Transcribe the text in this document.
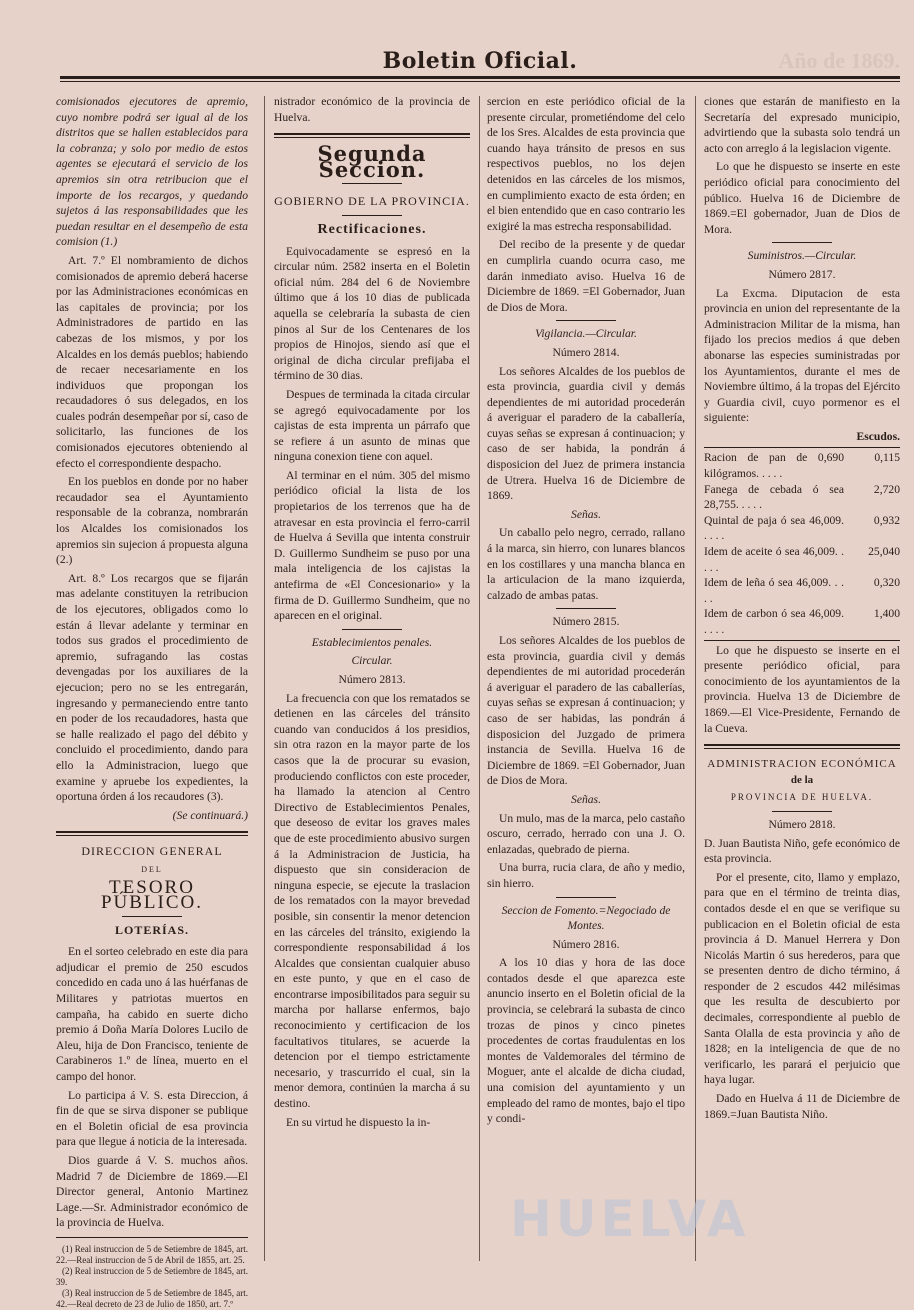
Año de 1869.
Boletin Oficial.

comisionados ejecutores de apremio, cuyo nombre podrá ser igual al de los distritos que se hallen establecidos para la cobranza; y solo por medio de estos agentes se ejecutará el servicio de los apremios sin otra retribucion que el importe de los recargos, y quedando sujetos á las responsabilidades que les puedan resultar en el desempeño de esta comision (1.)

Art. 7.º El nombramiento de dichos comisionados de apremio deberá hacerse por las Administraciones económicas en las capitales de provincia; por los Administradores de partido en las cabezas de los mismos, y por los Alcaldes en los demás pueblos; habiendo de recaer necesariamente en los individuos que propongan los recaudadores ó sus delegados, en los cuales podrán desempeñar por sí, caso de solicitarlo, las funciones de los comisionados ejecutores obteniendo al efecto el correspondiente despacho.

En los pueblos en donde por no haber recaudador sea el Ayuntamiento responsable de la cobranza, nombrarán los Alcaldes los comisionados los apremios sin sujecion á propuesta alguna (2.)

Art. 8.º Los recargos que se fijarán mas adelante constituyen la retribucion de los ejecutores, obligados como lo están á llevar adelante y terminar en todos sus grados el procedimiento de apremio, sufragando las costas devengadas por los auxiliares de la ejecucion; pero no se les entregarán, ingresando y permaneciendo entre tanto en poder de los recaudadores, hasta que se halle realizado el pago del débito y concluido el procedimiento, dando para ello la Administracion, luego que examine y apruebe los expedientes, la oportuna órden á los recaudores (3).

(Se continuará.)

DIRECCION GENERAL
DEL
TESORO PÚBLICO.
LOTERÍAS.

En el sorteo celebrado en este dia para adjudicar el premio de 250 escudos concedido en cada uno á las huérfanas de Militares y patriotas muertos en campaña, ha cabido en suerte dicho premio á Doña María Dolores Lucilo de Aleu, hija de Don Francisco, teniente de Carabineros 1.º de línea, muerto en el campo del honor.

Lo participa á V. S. esta Direccion, á fin de que se sirva disponer se publique en el Boletin oficial de esa provincia para que llegue á noticia de la interesada.

Dios guarde á V. S. muchos años. Madrid 7 de Diciembre de 1869.—El Director general, Antonio Martinez Lage.—Sr. Administrador económico de la provincia de Huelva.

(1) Real instruccion de 5 de Setiembre de 1845, art. 22.—Real instruccion de 5 de Abril de 1855, art. 25.

(2) Real instruccion de 5 de Setiembre de 1845, art. 39.

(3) Real instruccion de 5 de Setiembre de 1845, art. 42.—Real decreto de 23 de Julio de 1850, art. 7.º

nistrador económico de la provincia de Huelva.

Segunda Seccion.
GOBIERNO DE LA PROVINCIA.
Rectificaciones.

Equivocadamente se espresó en la circular núm. 2582 inserta en el Boletin oficial núm. 284 del 6 de Noviembre último que á los 10 dias de publicada aquella se celebraría la subasta de cien pinos al Sur de los Centenares de los propios de Hinojos, siendo así que el original de dicha circular prefijaba el término de 30 dias.

Despues de terminada la citada circular se agregó equivocadamente por los cajistas de esta imprenta un párrafo que se refiere á un asunto de minas que ninguna conexion tiene con aquel.

Al terminar en el núm. 305 del mismo periódico oficial la lista de los propietarios de los terrenos que ha de atravesar en esta provincia el ferro-carril de Huelva á Sevilla que intenta construir D. Guillermo Sundheim se puso por una mala inteligencia de los cajistas la antefirma de «El Concesionario» y la firma de D. Guillermo Sundheim, que no aparecen en el original.

Establecimientos penales.

Circular.

Número 2813.

La frecuencia con que los rematados se detienen en las cárceles del tránsito cuando van conducidos á los presidios, sin otra razon en la mayor parte de los casos que la de procurar su evasion, produciendo conflictos con este proceder, ha llamado la atencion al Centro Directivo de Establecimientos Penales, que deseoso de evitar los graves males que de este procedimiento abusivo surgen á la Administracion de Justicia, ha dispuesto que sin consideracion de ninguna especie, se ejecute la traslacion de los rematados con la mayor brevedad posible, sin consentir la menor detencion en las cárceles del tránsito, exigiendo la correspondiente responsabilidad á los Alcaldes que consientan cualquier abuso en este punto, y que en el caso de encontrarse imposibilitados para seguir su marcha por hallarse enfermos, bajo reconocimiento y certificacion de los facultativos titulares, se acuerde la detencion por el tiempo estrictamente necesario, y trascurrido el cual, sin la menor demora, continúen la marcha á su destino.

En su virtud he dispuesto la in-

sercion en este periódico oficial de la presente circular, prometiéndome del celo de los Sres. Alcaldes de esta provincia que cuando haya tránsito de presos en sus respectivos pueblos, no los dejen detenidos en las cárceles de los mismos, en cumplimiento exacto de esta órden; en el bien entendido que en caso contrario les exigiré la mas estrecha responsabilidad.

Del recibo de la presente y de quedar en cumplirla cuando ocurra caso, me darán inmediato aviso. Huelva 16 de Diciembre de 1869. =El Gobernador, Juan de Dios de Mora.

Vigilancia.—Circular.

Número 2814.

Los señores Alcaldes de los pueblos de esta provincia, guardia civil y demás dependientes de mi autoridad procederán á averiguar el paradero de la caballería, cuyas señas se expresan á continuacion; y caso de ser habida, la pondrán á disposicion del Juez de primera instancia de Utrera. Huelva 16 de Diciembre de 1869.

Señas.

Un caballo pelo negro, cerrado, rallano á la marca, sin hierro, con lunares blancos en los costillares y una mancha blanca en la articulacion de la mano izquierda, calzado de ambas patas.

Número 2815.

Los señores Alcaldes de los pueblos de esta provincia, guardia civil y demás dependientes de mi autoridad procederán á averiguar el paradero de las caballerías, cuyas señas se expresan á continuacion; y caso de ser habidas, las pondrán á disposicion del Juzgado de primera instancia de Sevilla. Huelva 16 de Diciembre de 1869. =El Gobernador, Juan de Dios de Mora.

Señas.

Un mulo, mas de la marca, pelo castaño oscuro, cerrado, herrado con una J. O. enlazadas, quebrado de pierna.

Una burra, rucia clara, de año y medio, sin hierro.

Seccion de Fomento.=Negociado de Montes.

Número 2816.

A los 10 dias y hora de las doce contados desde el que aparezca este anuncio inserto en el Boletin oficial de la provincia, se celebrará la subasta de cinco trozas de pinos y cinco pinetes procedentes de cortas fraudulentas en los montes de Valdemorales del término de Moguer, ante el alcalde de dicha ciudad, una comision del ayuntamiento y un empleado del ramo de montes, bajo el tipo y condi-

ciones que estarán de manifiesto en la Secretaría del expresado municipio, advirtiendo que la subasta solo tendrá un acto con arreglo á la legislacion vigente.

Lo que he dispuesto se inserte en este periódico oficial para conocimiento del público. Huelva 16 de Diciembre de 1869.=El gobernador, Juan de Dios de Mora.

Suministros.—Circular.

Número 2817.

La Excma. Diputacion de esta provincia en union del representante de la Administracion Militar de la misma, han fijado los precios medios á que deben abonarse las especies suministradas por los Ayuntamientos, durante el mes de Noviembre último, á la tropas del Ejército y Guardia civil, cuyo pormenor es el siguiente:

Escudos.

Racion de pan de 0,690 kilógramos. . . . .
0,115
Fanega de cebada ó sea 28,755. . . . .
2,720
Quintal de paja ó sea 46,009. . . . .
0,932
Idem de aceite ó sea 46,009. . . . .
25,040
Idem de leña ó sea 46,009. . . . .
0,320
Idem de carbon ó sea 46,009. . . . .
1,400

Lo que he dispuesto se inserte en el presente periódico oficial, para conocimiento de los ayuntamientos de la provincia. Huelva 13 de Diciembre de 1869.—El Vice-Presidente, Fernando de la Cueva.

ADMINISTRACION ECONÓMICA
de la
PROVINCIA DE HUELVA.

Número 2818.

D. Juan Bautista Niño, gefe económico de esta provincia.

Por el presente, cito, llamo y emplazo, para que en el término de treinta dias, contados desde el en que se verifique su publicacion en el Boletin oficial de esta provincia á D. Manuel Herrera y Don Nicolás Martin ó sus herederos, para que se presenten dentro de dicho término, á responder de 2 escudos 442 milésimas que les resulta de descubierto por decimales, correspondiente al pueblo de Santa Olalla de esta provincia y año de 1828; en la inteligencia de que de no verificarlo, les parará el perjuicio que haya lugar.

Dado en Huelva á 11 de Diciembre de 1869.=Juan Bautista Niño.

HUELVA
